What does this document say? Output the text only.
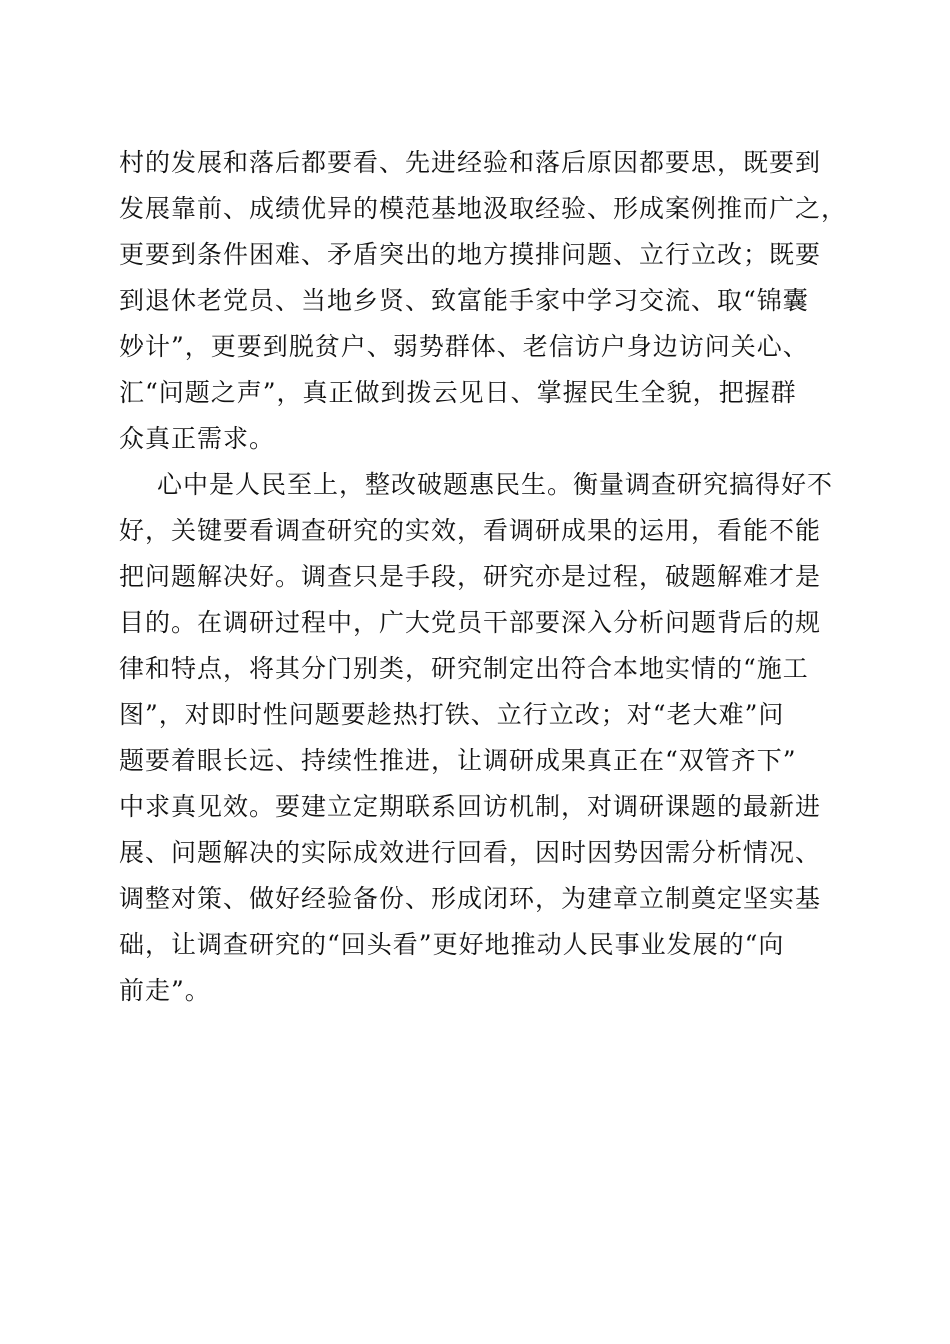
村的发展和落后都要看、先进经验和落后原因都要思，既要到
发展靠前、成绩优异的模范基地汲取经验、形成案例推而广之，
更要到条件困难、矛盾突出的地方摸排问题、立行立改；既要
到退休老党员、当地乡贤、致富能手家中学习交流、取“锦囊
妙计”，更要到脱贫户、弱势群体、老信访户身边访问关心、
汇“问题之声”，真正做到拨云见日、掌握民生全貌，把握群
众真正需求。
心中是人民至上，整改破题惠民生。衡量调查研究搞得好不
好，关键要看调查研究的实效，看调研成果的运用，看能不能
把问题解决好。调查只是手段，研究亦是过程，破题解难才是
目的。在调研过程中，广大党员干部要深入分析问题背后的规
律和特点，将其分门别类，研究制定出符合本地实情的“施工
图”，对即时性问题要趁热打铁、立行立改；对“老大难”问
题要着眼长远、持续性推进，让调研成果真正在“双管齐下”
中求真见效。要建立定期联系回访机制，对调研课题的最新进
展、问题解决的实际成效进行回看，因时因势因需分析情况、
调整对策、做好经验备份、形成闭环，为建章立制奠定坚实基
础，让调查研究的“回头看”更好地推动人民事业发展的“向
前走”。
